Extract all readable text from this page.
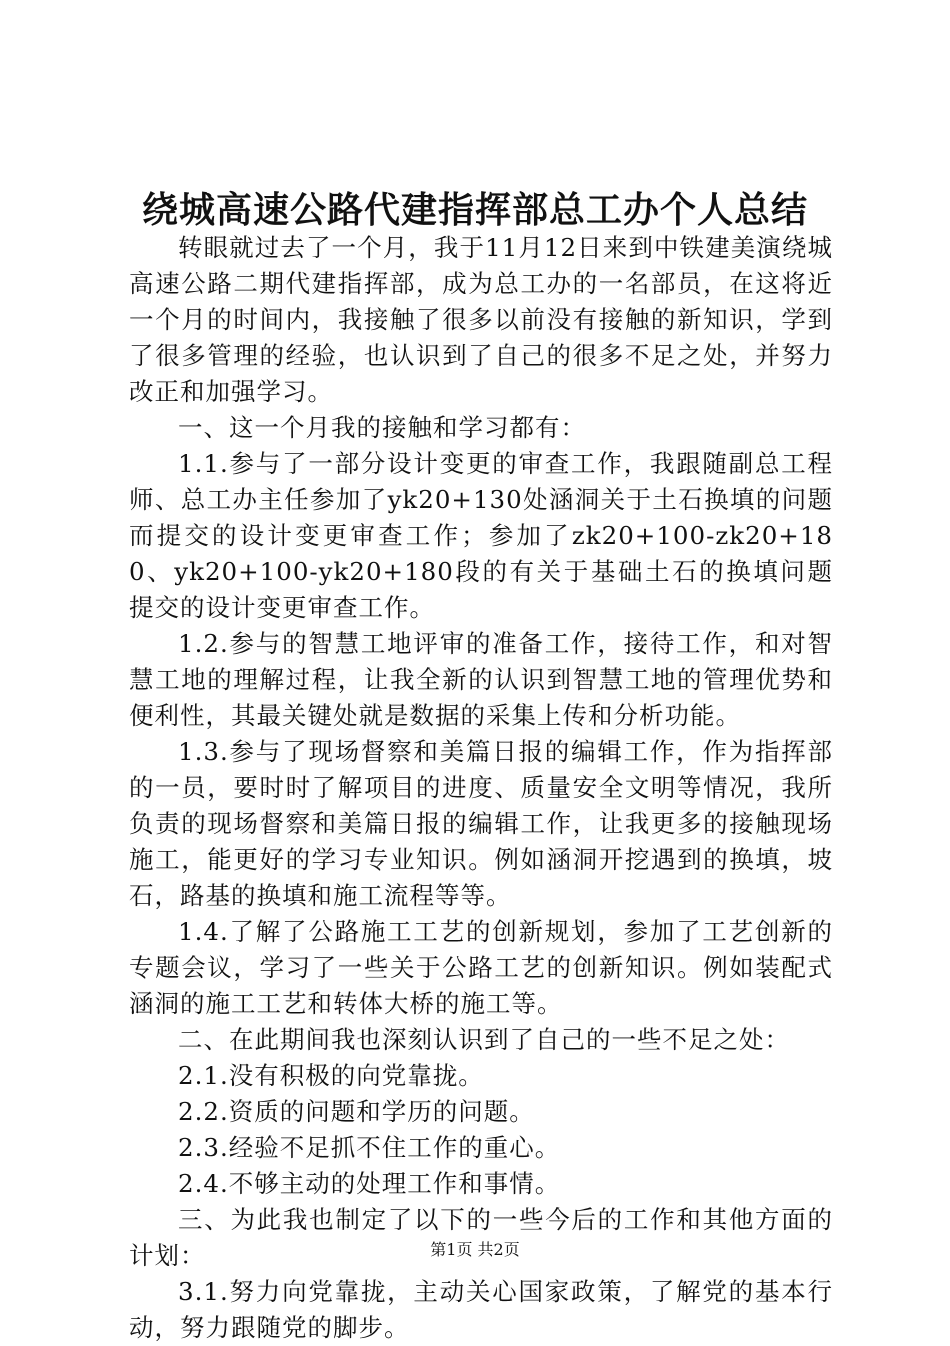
绕城高速公路代建指挥部总工办个人总结

转眼就过去了一个月，我于11月12日来到中铁建美演绕城高速公路二期代建指挥部，成为总工办的一名部员，在这将近一个月的时间内，我接触了很多以前没有接触的新知识，学到了很多管理的经验，也认识到了自己的很多不足之处，并努力改正和加强学习。

一、这一个月我的接触和学习都有：

1.1.参与了一部分设计变更的审查工作，我跟随副总工程师、总工办主任参加了yk20+130处涵洞关于土石换填的问题而提交的设计变更审查工作；参加了zk20+100-zk20+180、yk20+100-yk20+180段的有关于基础土石的换填问题提交的设计变更审查工作。

1.2.参与的智慧工地评审的准备工作，接待工作，和对智慧工地的理解过程，让我全新的认识到智慧工地的管理优势和便利性，其最关键处就是数据的采集上传和分析功能。

1.3.参与了现场督察和美篇日报的编辑工作，作为指挥部的一员，要时时了解项目的进度、质量安全文明等情况，我所负责的现场督察和美篇日报的编辑工作，让我更多的接触现场施工，能更好的学习专业知识。例如涵洞开挖遇到的换填，坡石，路基的换填和施工流程等等。

1.4.了解了公路施工工艺的创新规划，参加了工艺创新的专题会议，学习了一些关于公路工艺的创新知识。例如装配式涵洞的施工工艺和转体大桥的施工等。

二、在此期间我也深刻认识到了自己的一些不足之处：

2.1.没有积极的向党靠拢。

2.2.资质的问题和学历的问题。

2.3.经验不足抓不住工作的重心。

2.4.不够主动的处理工作和事情。

三、为此我也制定了以下的一些今后的工作和其他方面的计划：

3.1.努力向党靠拢，主动关心国家政策，了解党的基本行动，努力跟随党的脚步。

第1页 共2页
